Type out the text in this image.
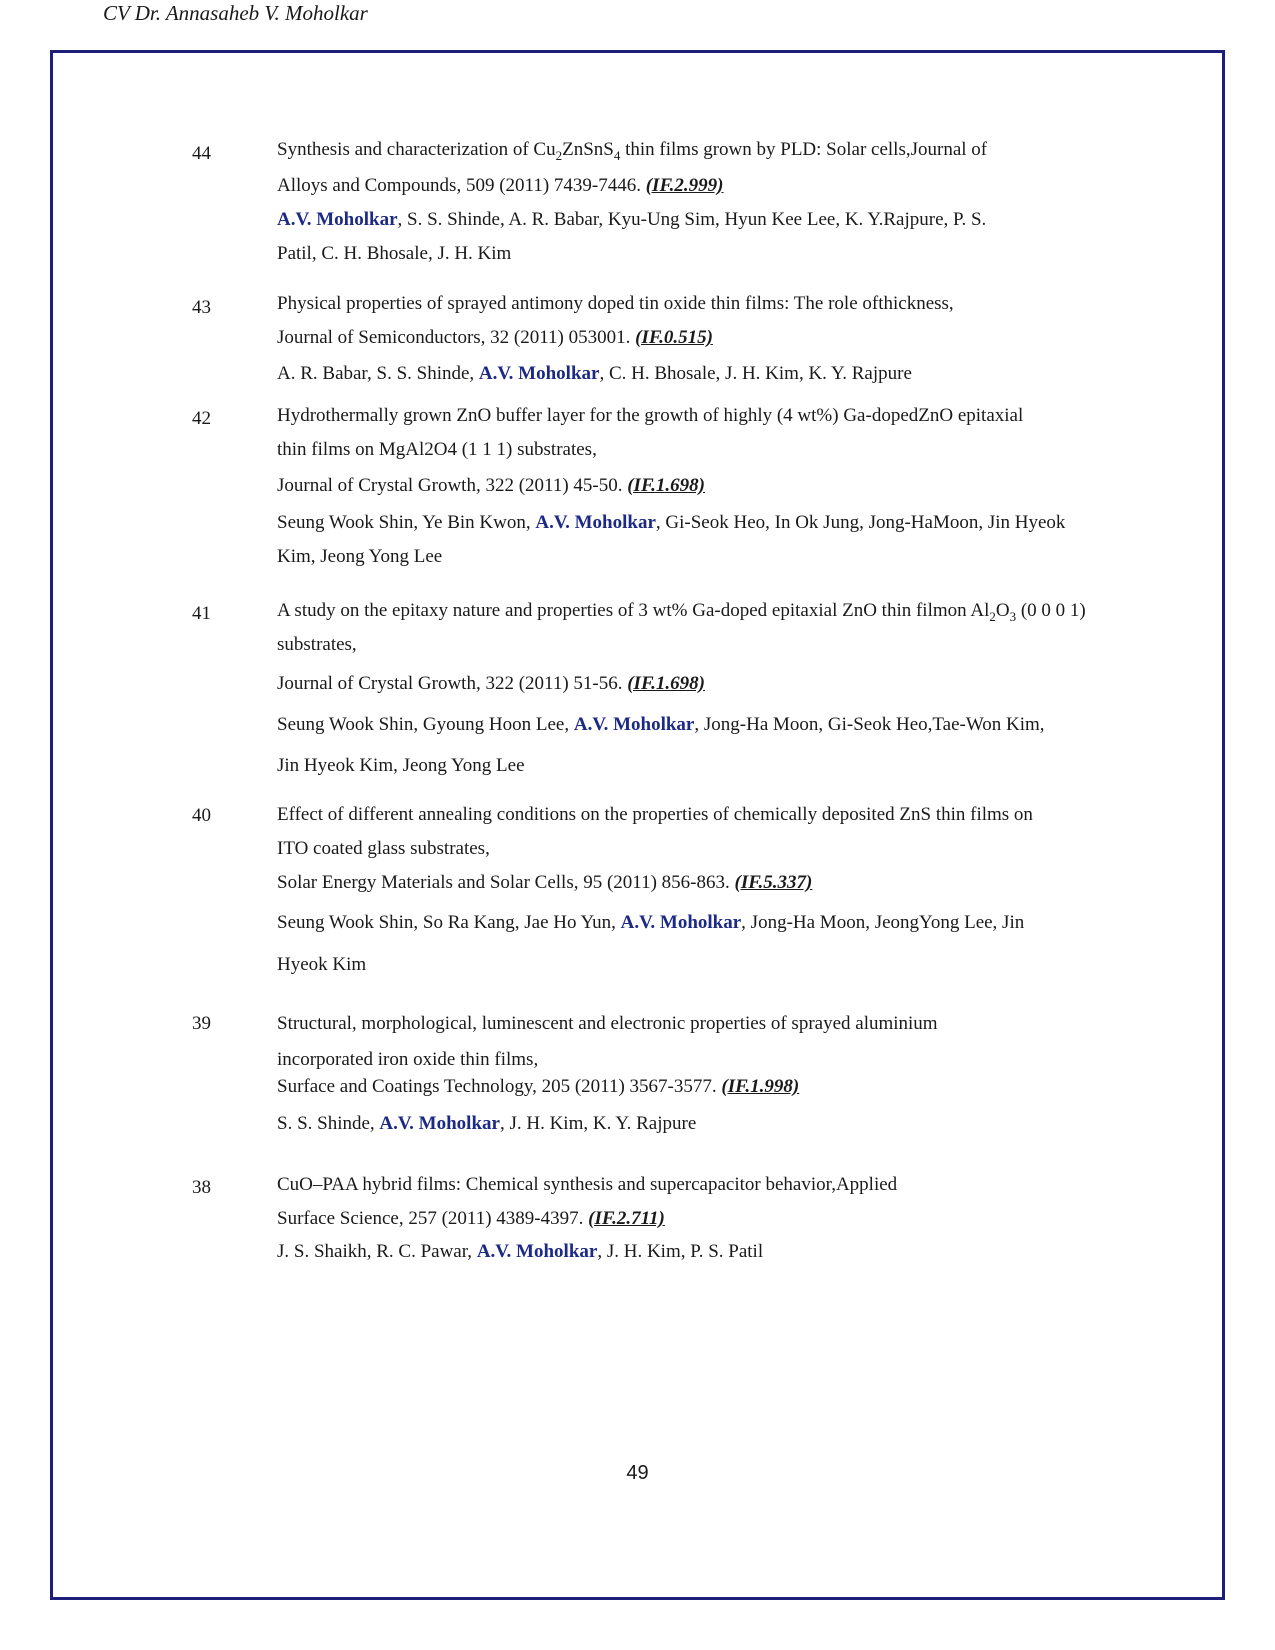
CV Dr. Annasaheb V. Moholkar
44	Synthesis and characterization of $Cu_2ZnSnS_4$ thin films grown by PLD: Solar cells,Journal of
Alloys and Compounds, 509 (2011) 7439-7446. (IF.2.999)
A.V. Moholkar, S. S. Shinde, A. R. Babar, Kyu-Ung Sim, Hyun Kee Lee, K. Y.Rajpure, P. S.
Patil, C. H. Bhosale, J. H. Kim
43	Physical properties of sprayed antimony doped tin oxide thin films: The role ofthickness,
Journal of Semiconductors, 32 (2011) 053001. (IF.0.515)
A. R. Babar, S. S. Shinde, A.V. Moholkar, C. H. Bhosale, J. H. Kim, K. Y. Rajpure
42	Hydrothermally grown ZnO buffer layer for the growth of highly (4 wt%) Ga-dopedZnO epitaxial
thin films on MgAl2O4 (1 1 1) substrates,
Journal of Crystal Growth, 322 (2011) 45-50. (IF.1.698)
Seung Wook Shin, Ye Bin Kwon, A.V. Moholkar, Gi-Seok Heo, In Ok Jung, Jong-HaMoon, Jin Hyeok
Kim, Jeong Yong Lee
41	A study on the epitaxy nature and properties of 3 wt% Ga-doped epitaxial ZnO thin filmon $Al_2O_3$ (0 0 0 1)
substrates,
Journal of Crystal Growth, 322 (2011) 51-56. (IF.1.698)
Seung Wook Shin, Gyoung Hoon Lee, A.V. Moholkar, Jong-Ha Moon, Gi-Seok Heo,Tae-Won Kim,
Jin Hyeok Kim, Jeong Yong Lee
40	Effect of different annealing conditions on the properties of chemically deposited ZnS thin films on
ITO coated glass substrates,
Solar Energy Materials and Solar Cells, 95 (2011) 856-863. (IF.5.337)
Seung Wook Shin, So Ra Kang, Jae Ho Yun, A.V. Moholkar, Jong-Ha Moon, JeongYong Lee, Jin
Hyeok Kim
39	Structural, morphological, luminescent and electronic properties of sprayed aluminium
incorporated iron oxide thin films,
Surface and Coatings Technology, 205 (2011) 3567-3577. (IF.1.998)
S. S. Shinde, A.V. Moholkar, J. H. Kim, K. Y. Rajpure
38	CuO–PAA hybrid films: Chemical synthesis and supercapacitor behavior,Applied
Surface Science, 257 (2011) 4389-4397. (IF.2.711)
J. S. Shaikh, R. C. Pawar, A.V. Moholkar, J. H. Kim, P. S. Patil
49
